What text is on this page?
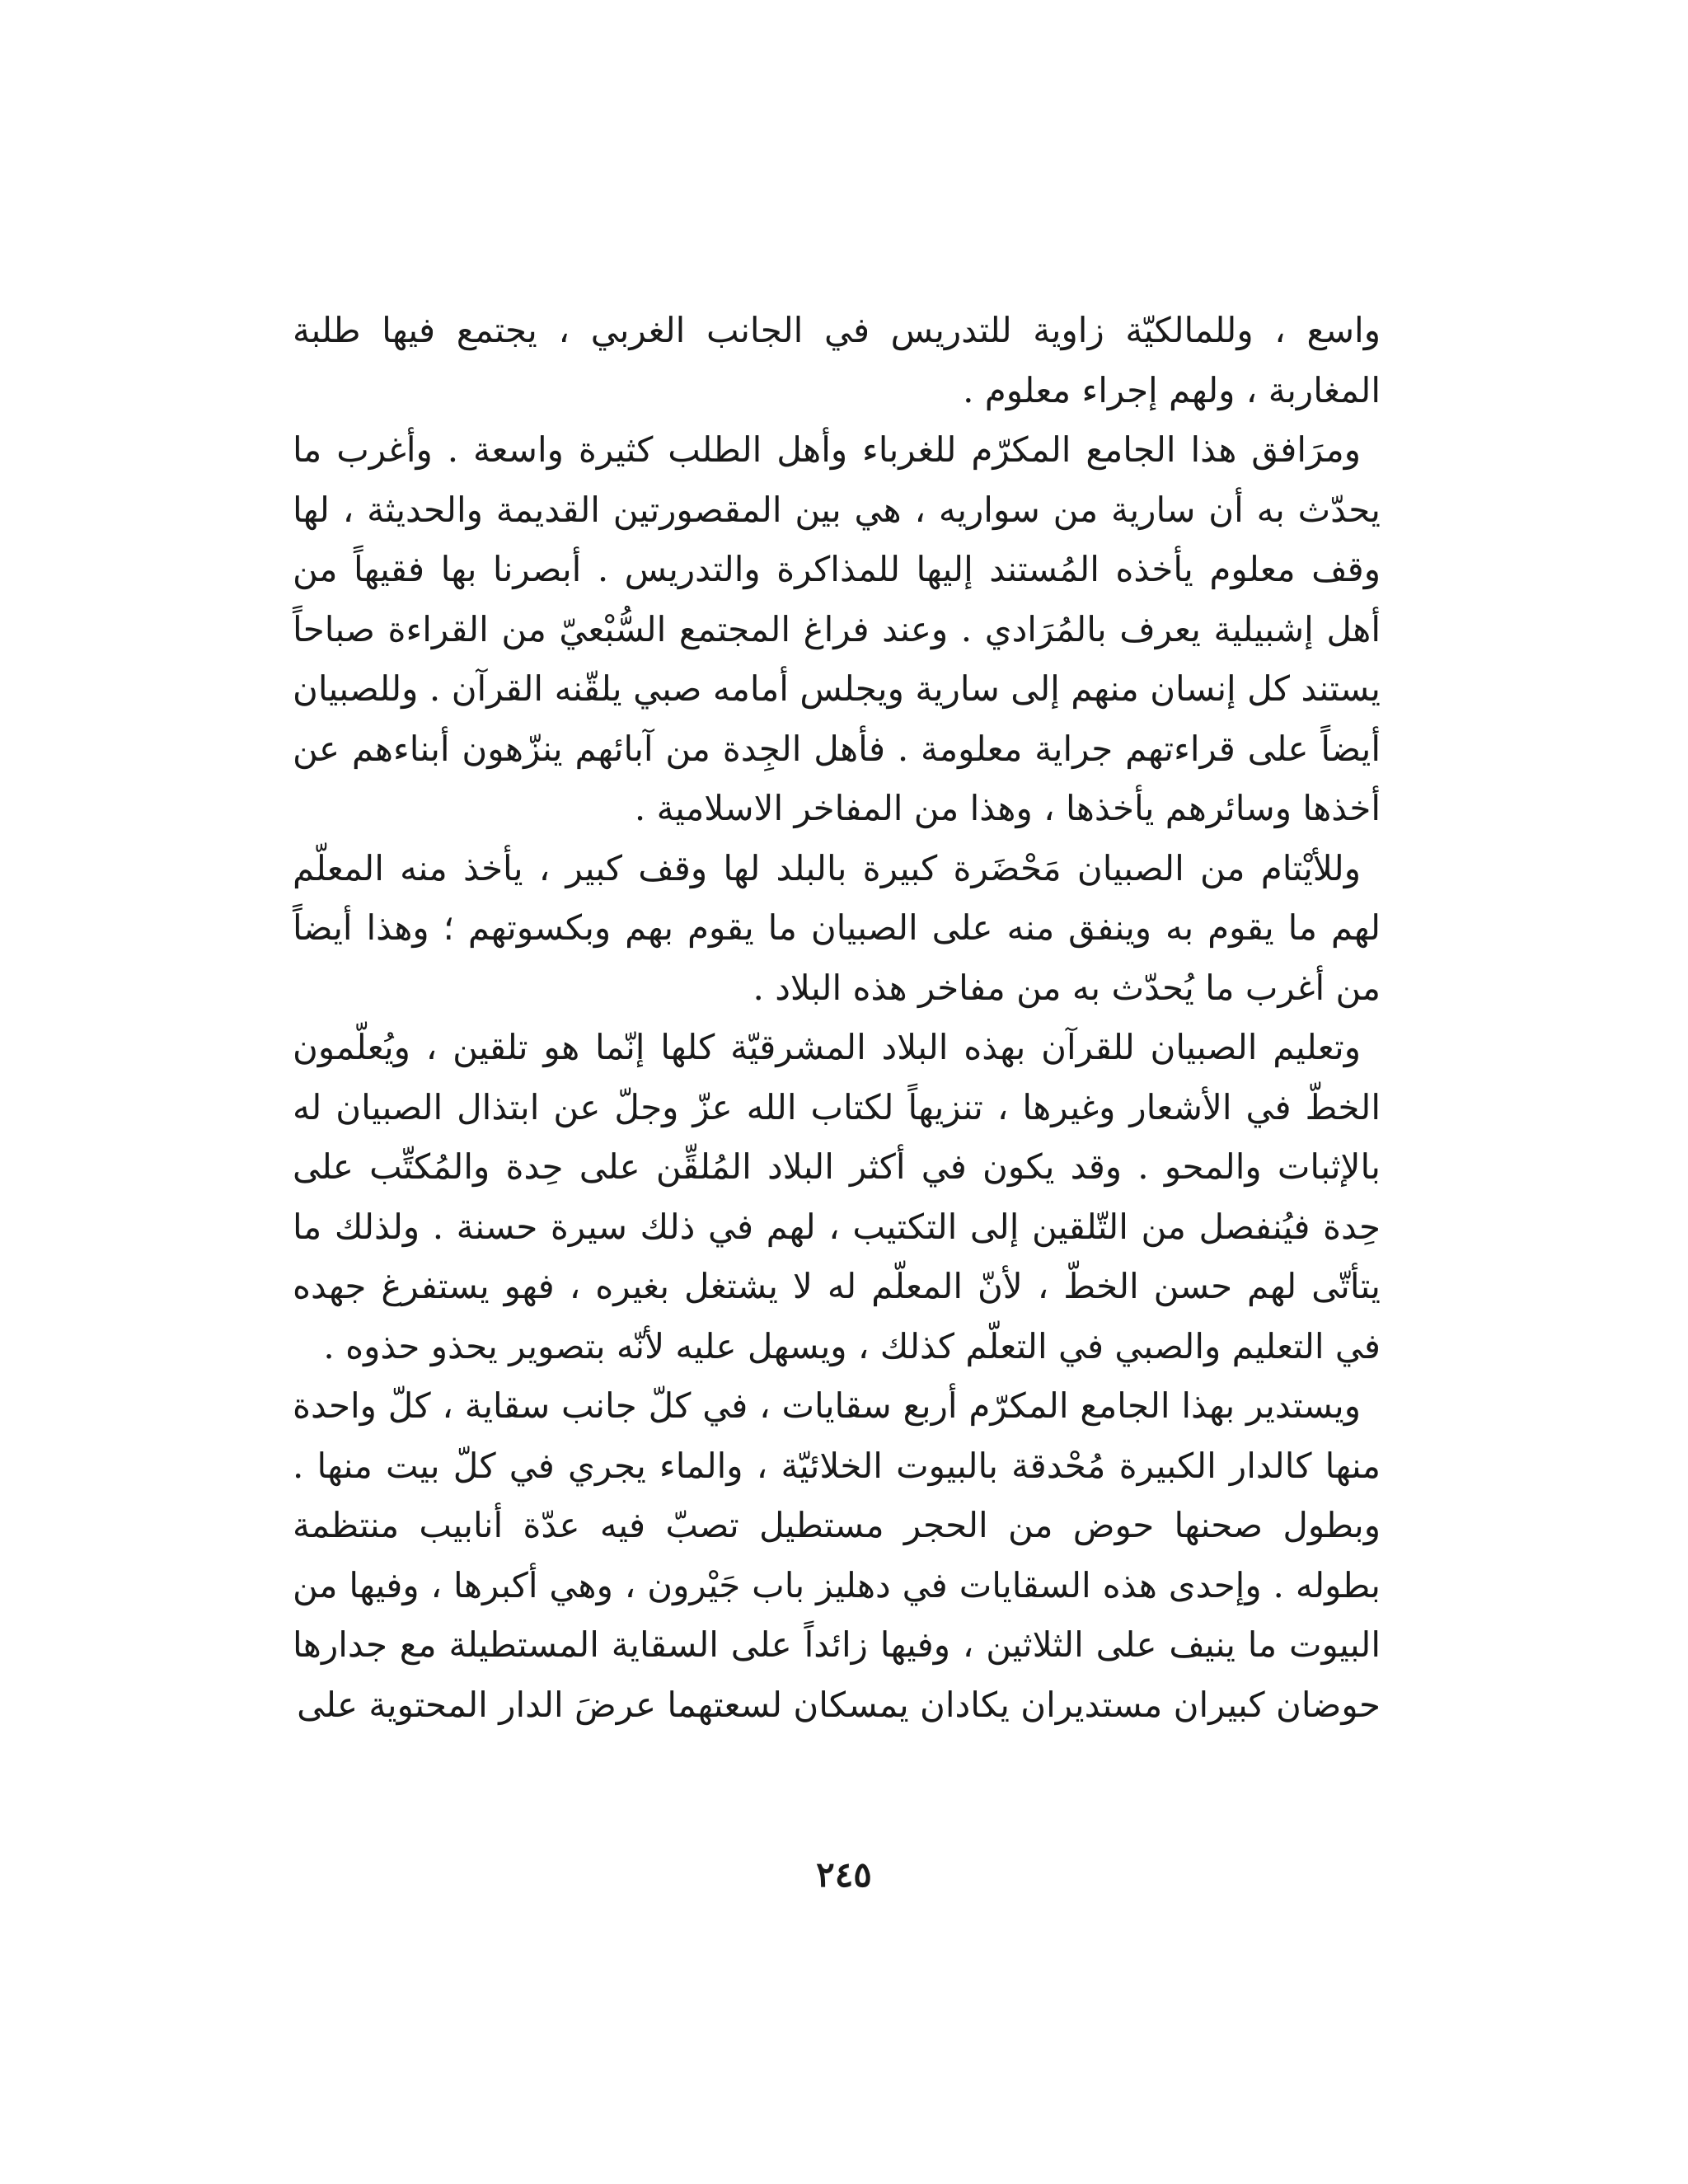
واسع ، وللمالكيّة زاوية للتدريس في الجانب الغربي ، يجتمع فيها طلبة المغاربة ، ولهم إجراء معلوم .

ومرَافق هذا الجامع المكرّم للغرباء وأهل الطلب كثيرة واسعة . وأغرب ما يحدّث به أن سارية من سواريه ، هي بين المقصورتين القديمة والحديثة ، لها وقف معلوم يأخذه المُستند إليها للمذاكرة والتدريس . أبصرنا بها فقيهاً من أهل إشبيلية يعرف بالمُرَادي . وعند فراغ المجتمع السُّبْعيّ من القراءة صباحاً يستند كل إنسان منهم إلى سارية ويجلس أمامه صبي يلقّنه القرآن . وللصبيان أيضاً على قراءتهم جراية معلومة . فأهل الجِدة من آبائهم ينزّهون أبناءهم عن أخذها وسائرهم يأخذها ، وهذا من المفاخر الاسلامية .

وللأيْتام من الصبيان مَحْضَرة كبيرة بالبلد لها وقف كبير ، يأخذ منه المعلّم لهم ما يقوم به وينفق منه على الصبيان ما يقوم بهم وبكسوتهم ؛ وهذا أيضاً من أغرب ما يُحدّث به من مفاخر هذه البلاد .

وتعليم الصبيان للقرآن بهذه البلاد المشرقيّة كلها إنّما هو تلقين ، ويُعلّمون الخطّ في الأشعار وغيرها ، تنزيهاً لكتاب الله عزّ وجلّ عن ابتذال الصبيان له بالإثبات والمحو . وقد يكون في أكثر البلاد المُلقِّن على حِدة والمُكتِّب على حِدة فيُنفصل من التّلقين إلى التكتيب ، لهم في ذلك سيرة حسنة . ولذلك ما يتأتّى لهم حسن الخطّ ، لأنّ المعلّم له لا يشتغل بغيره ، فهو يستفرغ جهده في التعليم والصبي في التعلّم كذلك ، ويسهل عليه لأنّه بتصوير يحذو حذوه .

ويستدير بهذا الجامع المكرّم أربع سقايات ، في كلّ جانب سقاية ، كلّ واحدة منها كالدار الكبيرة مُحْدقة بالبيوت الخلائيّة ، والماء يجري في كلّ بيت منها . وبطول صحنها حوض من الحجر مستطيل تصبّ فيه عدّة أنابيب منتظمة بطوله . وإحدى هذه السقايات في دهليز باب جَيْرون ، وهي أكبرها ، وفيها من البيوت ما ينيف على الثلاثين ، وفيها زائداً على السقاية المستطيلة مع جدارها حوضان كبيران مستديران يكادان يمسكان لسعتهما عرضَ الدار المحتوية على

٢٤٥
